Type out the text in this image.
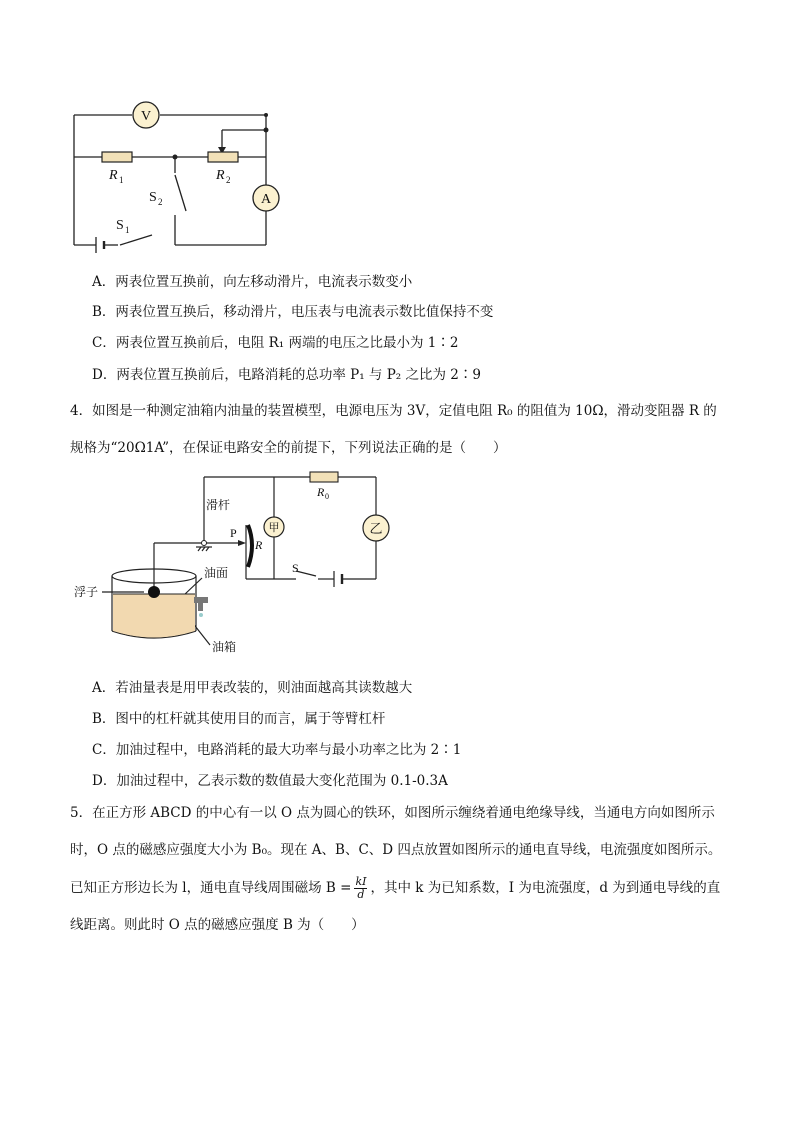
V
A
R 1	R 2
S 2
S 1
A．两表位置互换前，向左移动滑片，电流表示数变小
B．两表位置互换后，移动滑片，电压表与电流表示数比值保持不变
C．两表位置互换前后，电阻 R₁ 两端的电压之比最小为 1∶2
D．两表位置互换前后，电路消耗的总功率 P₁ 与 P₂ 之比为 2∶9
4．如图是一种测定油箱内油量的装置模型，电源电压为 3V，定值电阻 R₀ 的阻值为 10Ω，滑动变阻器 R 的
规格为“20Ω1A”，在保证电路安全的前提下，下列说法正确的是（　　）
滑杆
R 0
P
R
甲	乙
S
浮子
油面
油箱
A．若油量表是用甲表改装的，则油面越高其读数越大
B．图中的杠杆就其使用目的而言，属于等臂杠杆
C．加油过程中，电路消耗的最大功率与最小功率之比为 2∶1
D．加油过程中，乙表示数的数值最大变化范围为 0.1-0.3A
5．在正方形 ABCD 的中心有一以 O 点为圆心的铁环，如图所示缠绕着通电绝缘导线，当通电方向如图所示
时，O 点的磁感应强度大小为 B₀。现在 A、B、C、D 四点放置如图所示的通电直导线，电流强度如图所示。
已知正方形边长为 l，通电直导线周围磁场 $B = \frac{kI}{d}$ ，其中 k 为已知系数，I 为电流强度，d 为到通电导线的直
线距离。则此时 O 点的磁感应强度 B 为（　　）
